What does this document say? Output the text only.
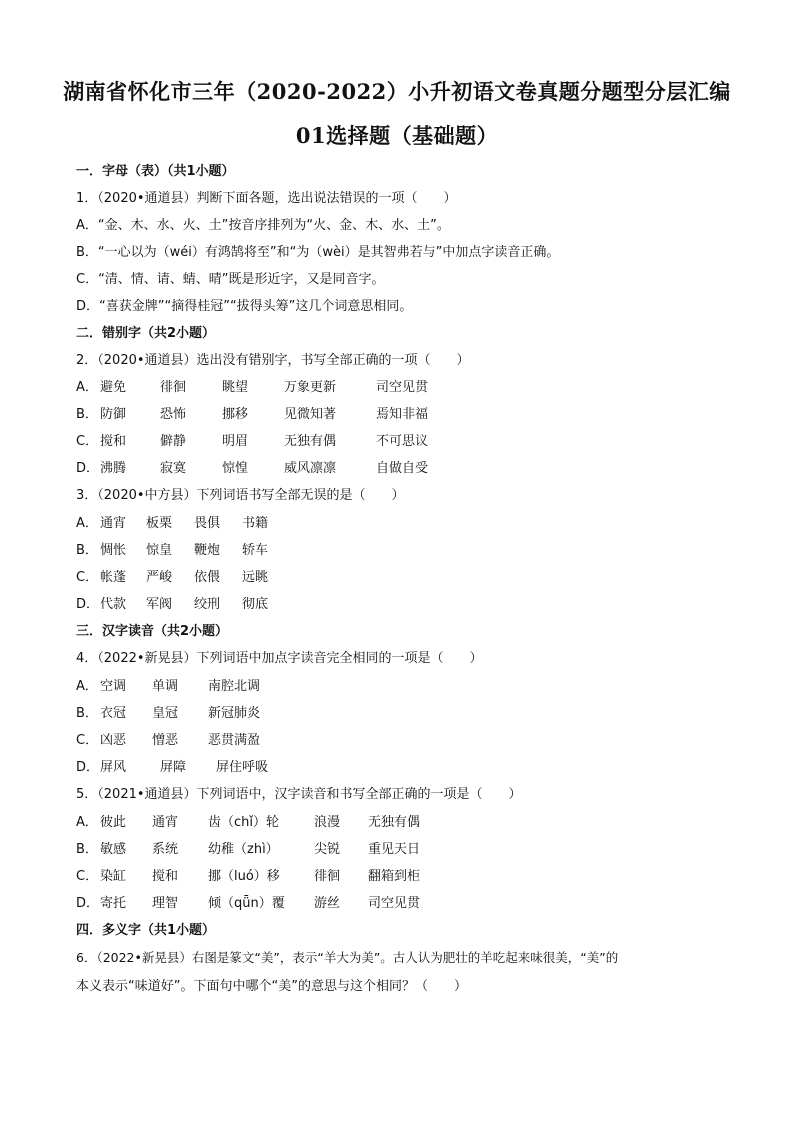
湖南省怀化市三年（2020-2022）小升初语文卷真题分题型分层汇编
01选择题（基础题）
一．字母（表）（共1小题）
1．（2020•通道县）判断下面各题，选出说法错误的一项（　　）
A．“金、木、水、火、土”按音序排列为“火、金、木、水、土”。
B．“一心以为（wéi）有鸿鹄将至”和“为（wèi）是其智弗若与”中加点字读音正确。
C．“清、情、请、蜻、晴”既是形近字，又是同音字。
D．“喜获金牌”“摘得桂冠”“拔得头筹”这几个词意思相同。
二．错别字（共2小题）
2．（2020•通道县）选出没有错别字，书写全部正确的一项（　　）
A． 避免	徘徊	眺望	万象更新	司空见贯
B． 防御	恐怖	挪移	见微知著	焉知非福
C． 搅和	僻静	明眉	无独有偶	不可思议
D． 沸腾	寂寞	惊惶	威风凛凛	自做自受
3．（2020•中方县）下列词语书写全部无误的是（　　）
A． 通宵 板栗 畏俱 书籍
B． 惆怅 惊皇 鞭炮 轿车
C． 帐蓬 严峻 依偎 远眺
D． 代款 军阀 绞刑 彻底
三．汉字读音（共2小题）
4．（2022•新晃县）下列词语中加点字读音完全相同的一项是（　　）
A． 空调 单调 南腔北调
B． 衣冠 皇冠 新冠肺炎
C． 凶恶 憎恶 恶贯满盈
D． 屏风	屏障 屏住呼吸
5．（2021•通道县）下列词语中，汉字读音和书写全部正确的一项是（　　）
A． 彼此 通宵 齿（chǐ）轮	浪漫 无独有偶
B． 敏感 系统 幼稚（zhì）	尖锐 重见天日
C． 染缸 搅和 挪（luó）移	徘徊 翻箱到柜
D． 寄托 理智 倾（qǖn）覆 游丝 司空见贯
四．多义字（共1小题）
6．（2022•新晃县）右图是篆文“美”，表示“羊大为美”。古人认为肥壮的羊吃起来味很美，“美”的
本义表示“味道好”。下面句中哪个“美”的意思与这个相同？（　　）
